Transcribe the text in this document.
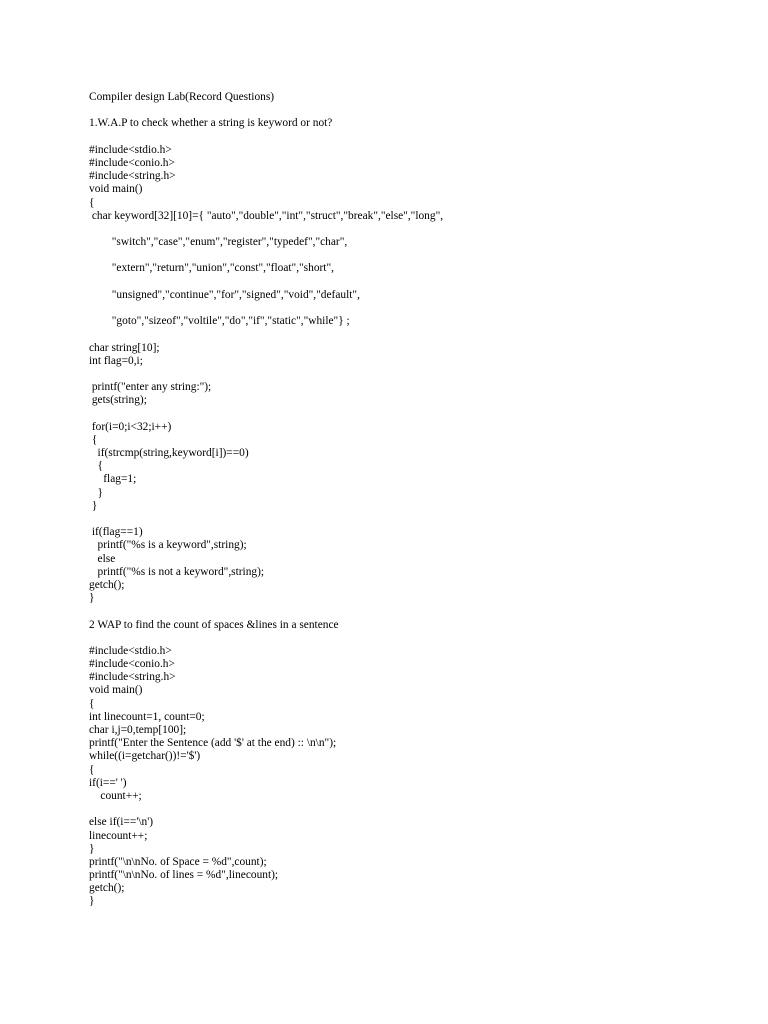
Compiler design Lab(Record Questions)
1.W.A.P to check whether a string is keyword or not?
#include<stdio.h>
#include<conio.h>
#include<string.h>
void main()
{
char keyword[32][10]={ "auto","double","int","struct","break","else","long",
"switch","case","enum","register","typedef","char",
"extern","return","union","const","float","short",
"unsigned","continue","for","signed","void","default",
"goto","sizeof","voltile","do","if","static","while"} ;
char string[10];
int flag=0,i;
printf("enter any string:");
gets(string);
for(i=0;i<32;i++)
{
if(strcmp(string,keyword[i])==0)
{
flag=1;
}
}
if(flag==1)
printf("%s is a keyword",string);
else
printf("%s is not a keyword",string);
getch();
}
2 WAP to find the count of spaces &lines in a sentence
#include<stdio.h>
#include<conio.h>
#include<string.h>
void main()
{
int linecount=1, count=0;
char i,j=0,temp[100];
printf("Enter the Sentence (add '$' at the end) :: \n\n");
while((i=getchar())!='$')
{
if(i==' ')
count++;
else if(i=='\n')
linecount++;
}
printf("\n\nNo. of Space = %d",count);
printf("\n\nNo. of lines = %d",linecount);
getch();
}
